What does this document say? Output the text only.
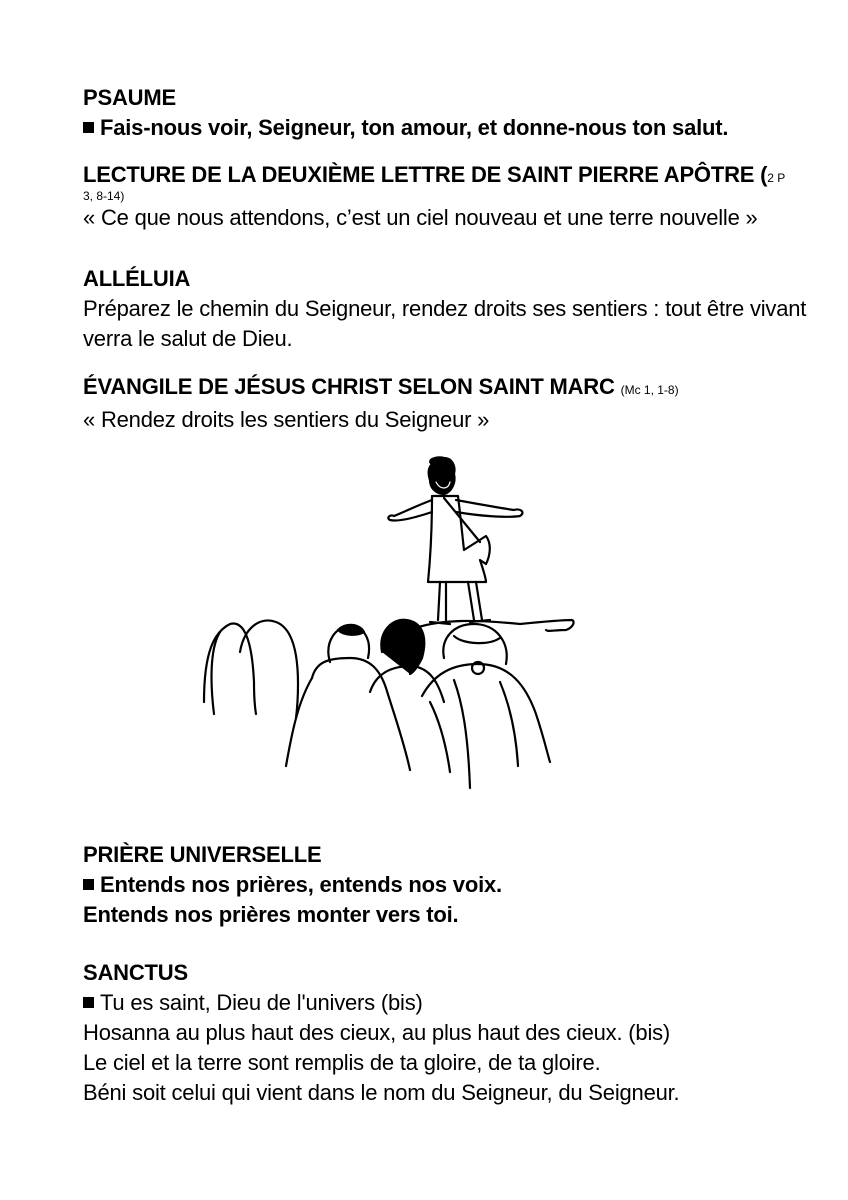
PSAUME
Fais-nous voir, Seigneur, ton amour, et donne-nous ton salut.
LECTURE DE LA DEUXIÈME LETTRE DE SAINT PIERRE APÔTRE (2 P
3, 8-14)
« Ce que nous attendons, c’est un ciel nouveau et une terre nouvelle »
ALLÉLUIA
Préparez le chemin du Seigneur, rendez droits ses sentiers : tout être vivant
verra le salut de Dieu.
ÉVANGILE DE JÉSUS CHRIST SELON SAINT MARC (Mc 1, 1-8)
« Rendez droits les sentiers du Seigneur »
PRIÈRE UNIVERSELLE
Entends nos prières, entends nos voix.
Entends nos prières monter vers toi.
SANCTUS
Tu es saint, Dieu de l'univers (bis)
Hosanna au plus haut des cieux, au plus haut des cieux. (bis)
Le ciel et la terre sont remplis de ta gloire, de ta gloire.
Béni soit celui qui vient dans le nom du Seigneur, du Seigneur.
